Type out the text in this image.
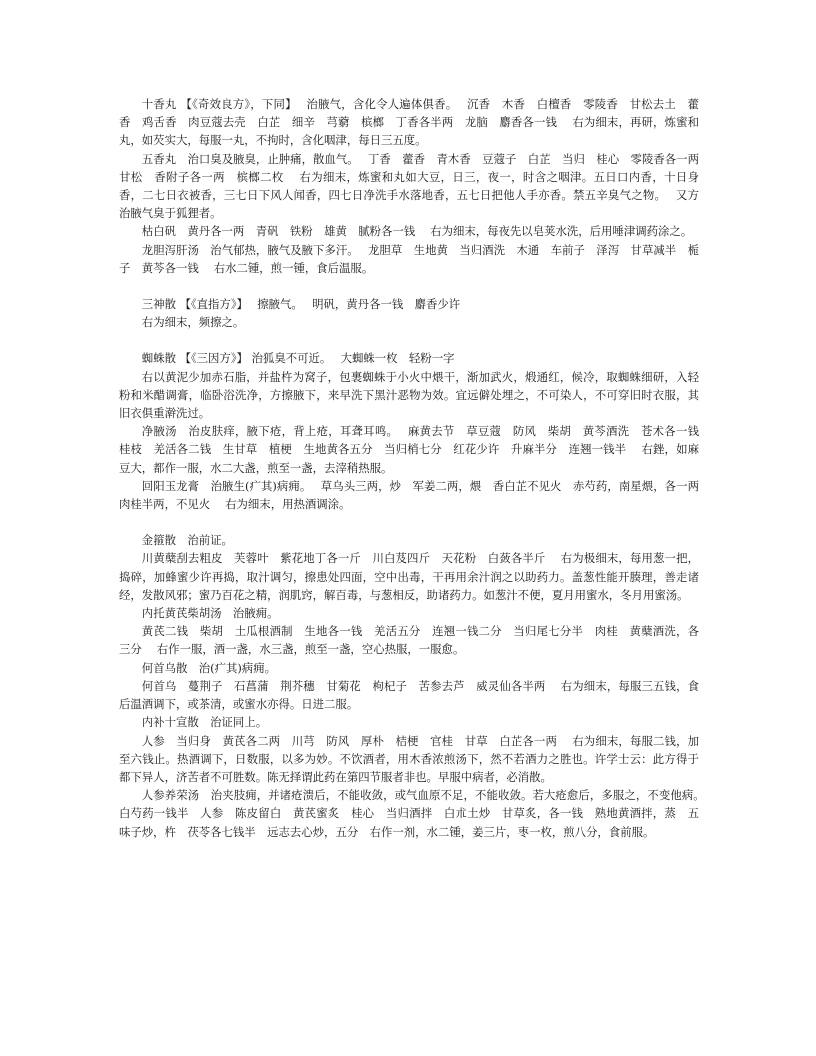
十香丸 【《奇效良方》，下同】　 治腋气，含化令人遍体俱香。　 沉香　木香　白檀香　零陵香　甘松去土　藿香　鸡舌香　肉豆蔻去壳　白芷　细辛　芎藭　槟榔　丁香各半两　龙脑　麝香各一钱　 右为细末，再研，炼蜜和丸，如芡实大，每服一丸，不拘时，含化咽津，每日三五度。

五香丸　治口臭及腋臭，止肿痛，散血气。　 丁香　藿香　青木香　豆蔻子　白芷　当归　桂心　零陵香各一两　甘松　香附子各一两　槟榔二枚　 右为细末，炼蜜和丸如大豆，日三，夜一，时含之咽津。五日口内香，十日身香，二七日衣被香，三七日下风人闻香，四七日净洗手水落地香，五七日把他人手亦香。禁五辛臭气之物。　 又方　治腋气臭于狐狸者。

枯白矾　黄丹各一两　青矾　铁粉　雄黄　腻粉各一钱　 右为细末，每夜先以皂荚水洗，后用唾津调药涂之。

龙胆泻肝汤　治气郁热，腋气及腋下多汗。　 龙胆草　生地黄　当归酒洗　木通　车前子　泽泻　甘草减半　栀子　黄芩各一钱　 右水二锺，煎一锺，食后温服。

三神散 【《直指方》】　 擦腋气。　 明矾，黄丹各一钱　麝香少许

右为细末，频擦之。

蜘蛛散 【《三因方》】 治狐臭不可近。　 大蜘蛛一枚　轻粉一字

右以黄泥少加赤石脂，并盐杵为窝子，包裹蜘蛛于小火中煨干，渐加武火，煅通红，候冷，取蜘蛛细研，入轻粉和米醋调膏，临卧浴洗净，方擦腋下，来早洗下黑汁恶物为效。宜远僻处埋之，不可染人，不可穿旧时衣服，其旧衣俱重澣洗过。

净腋汤　治皮肤痒，腋下疮，背上疮，耳聋耳鸣。　 麻黄去节　草豆蔻　防风　柴胡　黄芩酒洗　苍术各一钱　桂枝　羌活各二钱　生甘草　植梗　生地黄各五分　当归梢七分　红花少许　升麻半分　连翘一钱半　 右銼，如麻豆大，都作一服，水二大盏，煎至一盏，去滓稍热服。

回阳玉龙膏　治腋生(疒其)病痈。　 草乌头三两，炒　军姜二两，煨　香白芷不见火　赤芍药，南星煨，各一两　肉桂半两，不见火　 右为细末，用热酒调涂。

金箍散　治前证。

川黄蘖刮去粗皮　芙蓉叶　紫花地丁各一斤　川白芨四斤　天花粉　白蔹各半斤　 右为极细末，每用葱一把，捣碎，加蜂蜜少许再捣，取汁调匀，擦患处四面，空中出毒，干再用余汁润之以助药力。盖葱性能开腠理，善走诸经，发散风邪；蜜乃百花之精，润肌窍，解百毒，与葱相反，助诸药力。如葱汁不便，夏月用蜜水，冬月用蜜汤。

内托黄芪柴胡汤　治腋痈。

黄芪二钱　柴胡　土瓜根酒制　生地各一钱　羌活五分　连翘一钱二分　当归尾七分半　肉桂　黄蘖酒洗，各三分　 右作一服，酒一盏，水三盏，煎至一盏，空心热服，一服愈。

何首乌散　治(疒其)病痈。

何首乌　蔓荆子　石菖蒲　荆芥穗　甘菊花　枸杞子　苦参去芦　威灵仙各半两　 右为细末，每服三五钱，食后温酒调下，或茶清，或蜜水亦得。日进二服。

内补十宣散　治证同上。

人参　当归身　黄芪各二两　川芎　防风　厚朴　桔梗　官桂　甘草　白芷各一两　 右为细末，每服二钱，加至六钱止。热酒调下，日数服，以多为妙。不饮酒者，用木香浓煎汤下，然不若酒力之胜也。许学士云：此方得于都下异人，济苦者不可胜数。陈无择谓此药在第四节服者非也。早服中病者，必消散。

人参养荣汤　治夹肢痈，并诸疮溃后，不能收敛，或气血原不足，不能收敛。若大疮愈后，多服之，不变他病。　 白芍药一钱半　人参　陈皮留白　黄芪蜜炙　桂心　当归酒拌　白朮土炒　甘草炙，各一钱　熟地黄酒拌，蒸　五味子炒，杵　茯苓各七钱半　远志去心炒，五分　右作一剂，水二锺，姜三片，枣一枚，煎八分，食前服。
